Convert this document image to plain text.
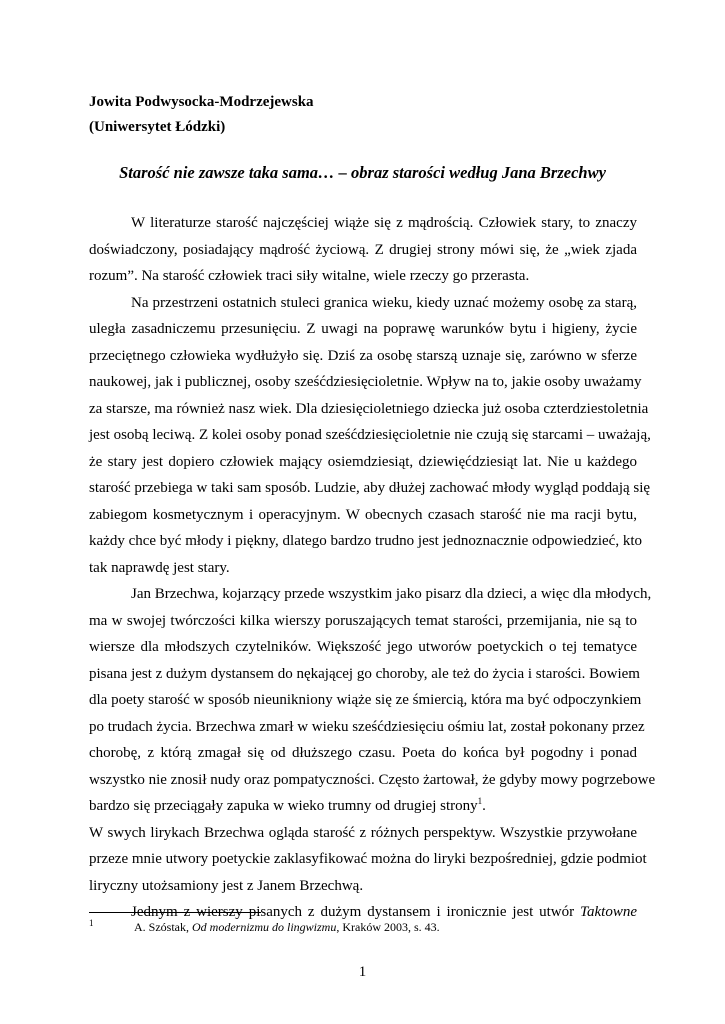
Jowita Podwysocka-Modrzejewska
(Uniwersytet Łódzki)
Starość nie zawsze taka sama… – obraz starości według Jana Brzechwy
W literaturze starość najczęściej wiąże się z mądrością. Człowiek stary, to znaczy
doświadczony, posiadający mądrość życiową. Z drugiej strony mówi się, że „wiek zjada
rozum”. Na starość człowiek traci siły witalne, wiele rzeczy go przerasta.
Na przestrzeni ostatnich stuleci granica wieku, kiedy uznać możemy osobę za starą,
uległa zasadniczemu przesunięciu. Z uwagi na poprawę warunków bytu i higieny, życie
przeciętnego człowieka wydłużyło się. Dziś za osobę starszą uznaje się, zarówno w sferze
naukowej, jak i publicznej, osoby sześćdziesięcioletnie. Wpływ na to, jakie osoby uważamy
za starsze, ma również nasz wiek. Dla dziesięcioletniego dziecka już osoba czterdziestoletnia
jest osobą leciwą. Z kolei osoby ponad sześćdziesięcioletnie nie czują się starcami – uważają,
że stary jest dopiero człowiek mający osiemdziesiąt, dziewięćdziesiąt lat. Nie u każdego
starość przebiega w taki sam sposób. Ludzie, aby dłużej zachować młody wygląd poddają się
zabiegom kosmetycznym i operacyjnym. W obecnych czasach starość nie ma racji bytu,
każdy chce być młody i piękny, dlatego bardzo trudno jest jednoznacznie odpowiedzieć, kto
tak naprawdę jest stary.
Jan Brzechwa, kojarzący przede wszystkim jako pisarz dla dzieci, a więc dla młodych,
ma w swojej twórczości kilka wierszy poruszających temat starości, przemijania, nie są to
wiersze dla młodszych czytelników. Większość jego utworów poetyckich o tej tematyce
pisana jest z dużym dystansem do nękającej go choroby, ale też do życia i starości. Bowiem
dla poety starość w sposób nieunikniony wiąże się ze śmiercią, która ma być odpoczynkiem
po trudach życia. Brzechwa zmarł w wieku sześćdziesięciu ośmiu lat, został pokonany przez
chorobę, z którą zmagał się od dłuższego czasu. Poeta do końca był pogodny i ponad
wszystko nie znosił nudy oraz pompatyczności. Często żartował, że gdyby mowy pogrzebowe
bardzo się przeciągały zapuka w wieko trumny od drugiej strony$^1$.
W swych lirykach Brzechwa ogląda starość z różnych perspektyw. Wszystkie przywołane
przeze mnie utwory poetyckie zaklasyfikować można do liryki bezpośredniej, gdzie podmiot
liryczny utożsamiony jest z Janem Brzechwą.
Jednym z wierszy pisanych z dużym dystansem i ironicznie jest utwór Taktowne
1	A. Szóstak, Od modernizmu do lingwizmu, Kraków 2003, s. 43.
1
